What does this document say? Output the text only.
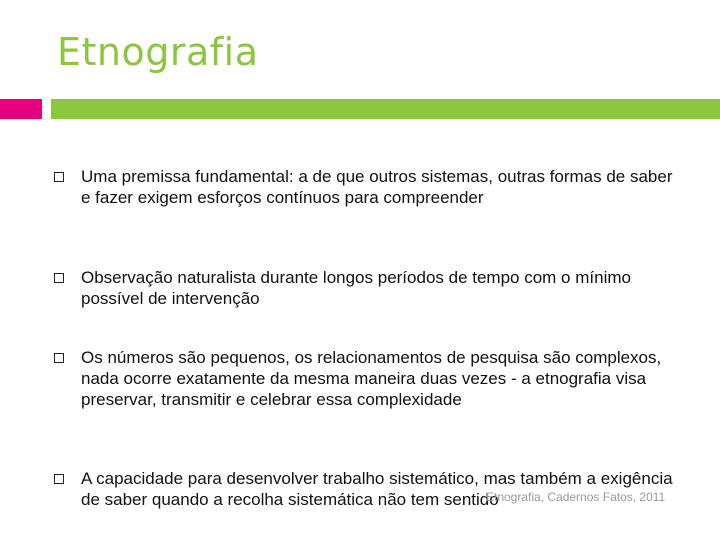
Etnografia
Uma premissa fundamental: a de que outros sistemas, outras formas de saber e fazer exigem esforços contínuos para compreender
Observação naturalista durante longos períodos de tempo com o mínimo possível de intervenção
Os números são pequenos, os relacionamentos de pesquisa são complexos, nada ocorre exatamente da mesma maneira duas vezes - a etnografia visa preservar, transmitir e celebrar essa complexidade
A capacidade para desenvolver trabalho sistemático, mas também a exigência de saber quando a recolha sistemática não tem sentido
Etnografia, Cadernos Fatos, 2011
